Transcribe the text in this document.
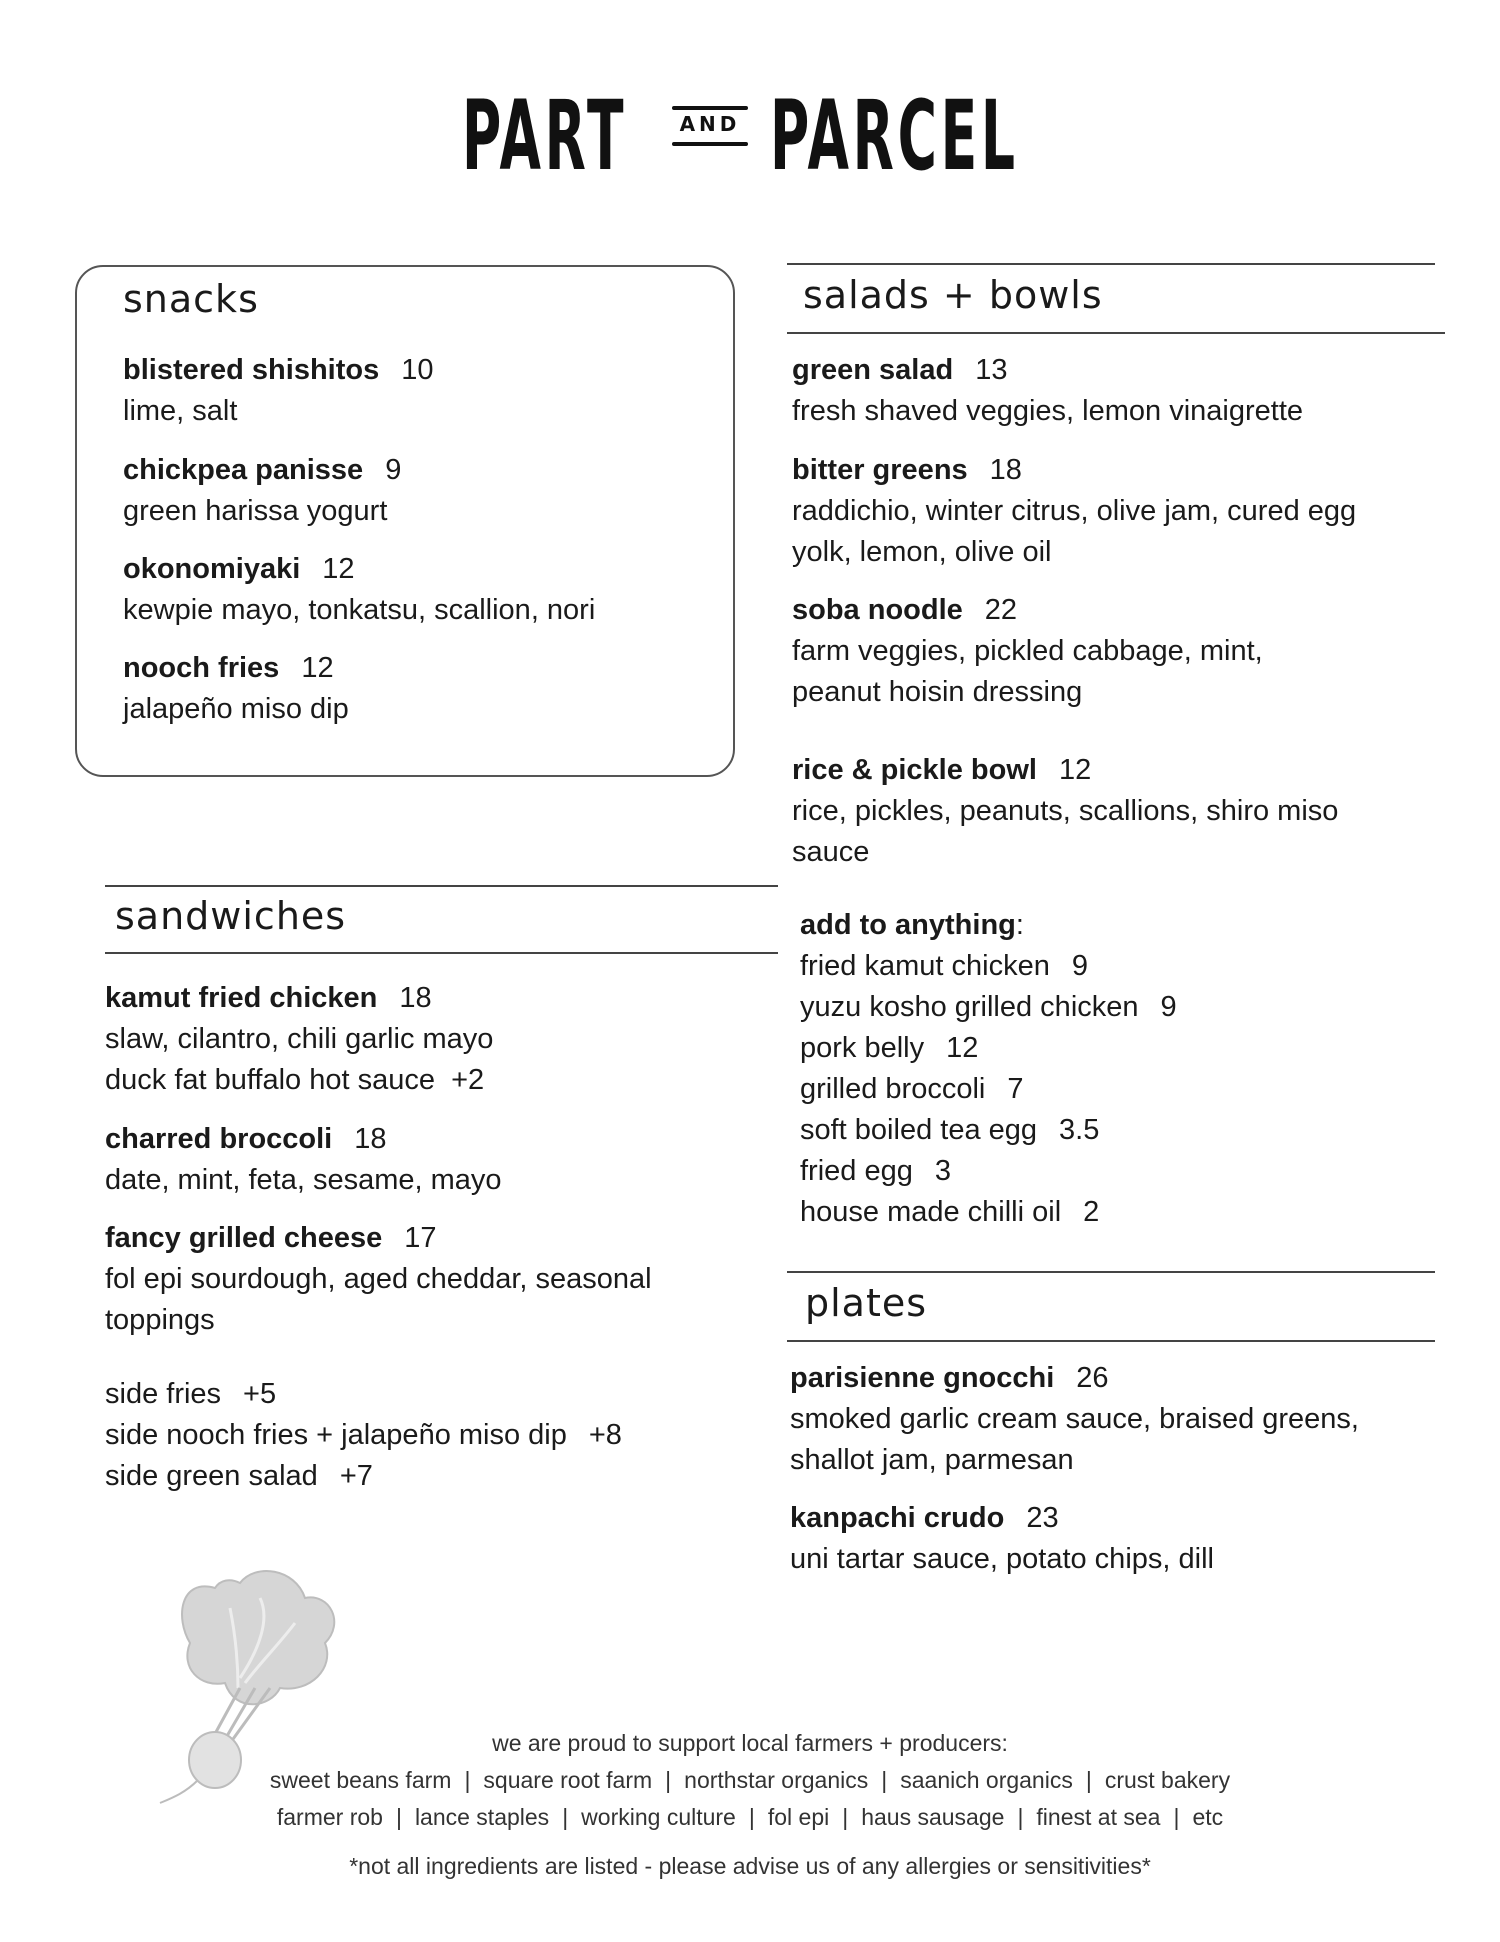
PART	AND PARCEL
snacks
blistered shishitos 10
lime, salt
chickpea panisse 9
green harissa yogurt
okonomiyaki 12
kewpie mayo, tonkatsu, scallion, nori
nooch fries 12
jalapeño miso dip
sandwiches
kamut fried chicken 18
slaw, cilantro, chili garlic mayo
duck fat buffalo hot sauce  +2
charred broccoli 18
date, mint, feta, sesame, mayo
fancy grilled cheese 17
fol epi sourdough, aged cheddar, seasonal
toppings
side fries +5
side nooch fries + jalapeño miso dip +8
side green salad +7
salads + bowls
green salad 13
fresh shaved veggies, lemon vinaigrette
bitter greens 18
raddichio, winter citrus, olive jam, cured egg
yolk, lemon, olive oil
soba noodle 22
farm veggies, pickled cabbage, mint,
peanut hoisin dressing
rice & pickle bowl 12
rice, pickles, peanuts, scallions, shiro miso
sauce
add to anything:
fried kamut chicken 9
yuzu kosho grilled chicken 9
pork belly 12
grilled broccoli 7
soft boiled tea egg 3.5
fried egg 3
house made chilli oil 2
plates
parisienne gnocchi 26
smoked garlic cream sauce, braised greens,
shallot jam, parmesan
kanpachi crudo 23
uni tartar sauce, potato chips, dill
we are proud to support local farmers + producers:
sweet beans farm | square root farm | northstar organics | saanich organics | crust bakery
farmer rob | lance staples | working culture | fol epi | haus sausage | finest at sea | etc
*not all ingredients are listed - please advise us of any allergies or sensitivities*
